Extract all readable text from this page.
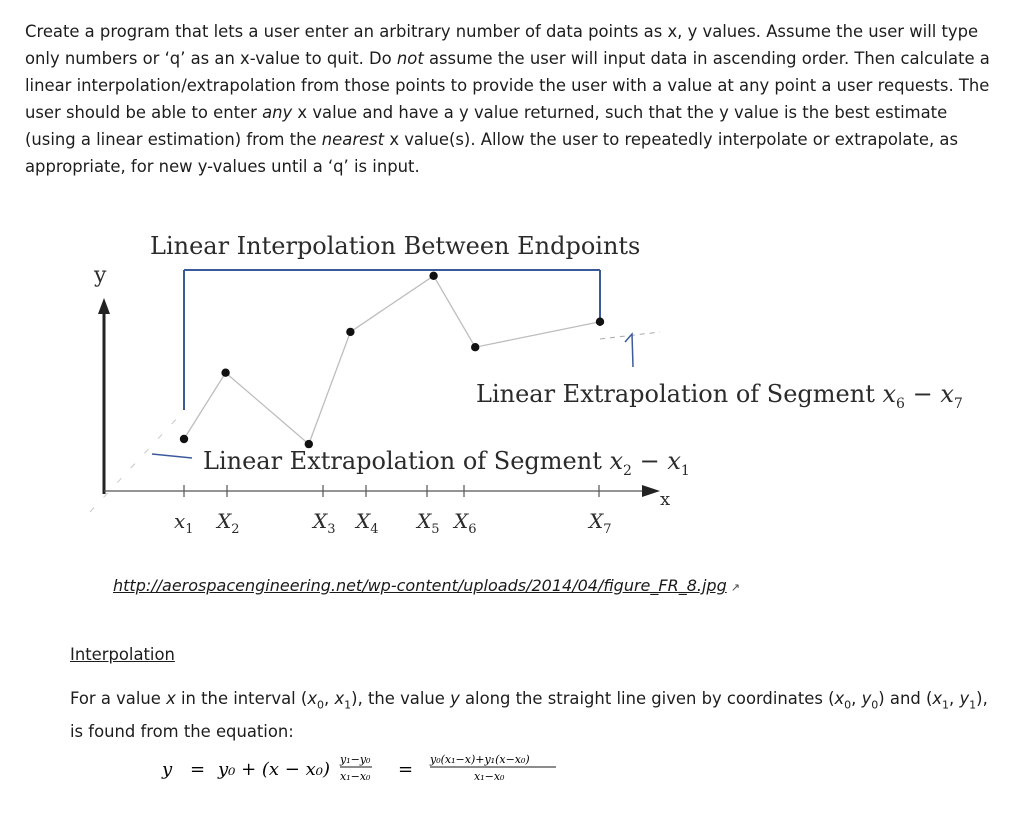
Create a program that lets a user enter an arbitrary number of data points as x, y values. Assume the user will type only numbers or ‘q’ as an x-value to quit. Do not assume the user will input data in ascending order. Then calculate a linear interpolation/extrapolation from those points to provide the user with a value at any point a user requests. The user should be able to enter any x value and have a y value returned, such that the y value is the best estimate (using a linear estimation) from the nearest x value(s). Allow the user to repeatedly interpolate or extrapolate, as appropriate, for new y-values until a ‘q’ is input.

Linear Interpolation Between Endpoints
y
x
Linear Extrapolation of Segment $x_6 - x_7$
Linear Extrapolation of Segment $x_2 - x_1$
$x_1$ $X_2$	$X_3$ $X_4$ $X_5$ $X_6$	$X_7$
http://aerospacengineering.net/wp-content/uploads/2014/04/figure_FR_8.jpg ↗
Interpolation
For a value x in the interval ($x_0$, $x_1$), the value y along the straight line given by coordinates ($x_0$, $y_0$) and ($x_1$, $y_1$), is found from the equation:
y = y₀ + (x − x₀) y₁−y₀
x₁−x₀ = y₀(x₁−x)+y₁(x−x₀)
x₁−x₀
